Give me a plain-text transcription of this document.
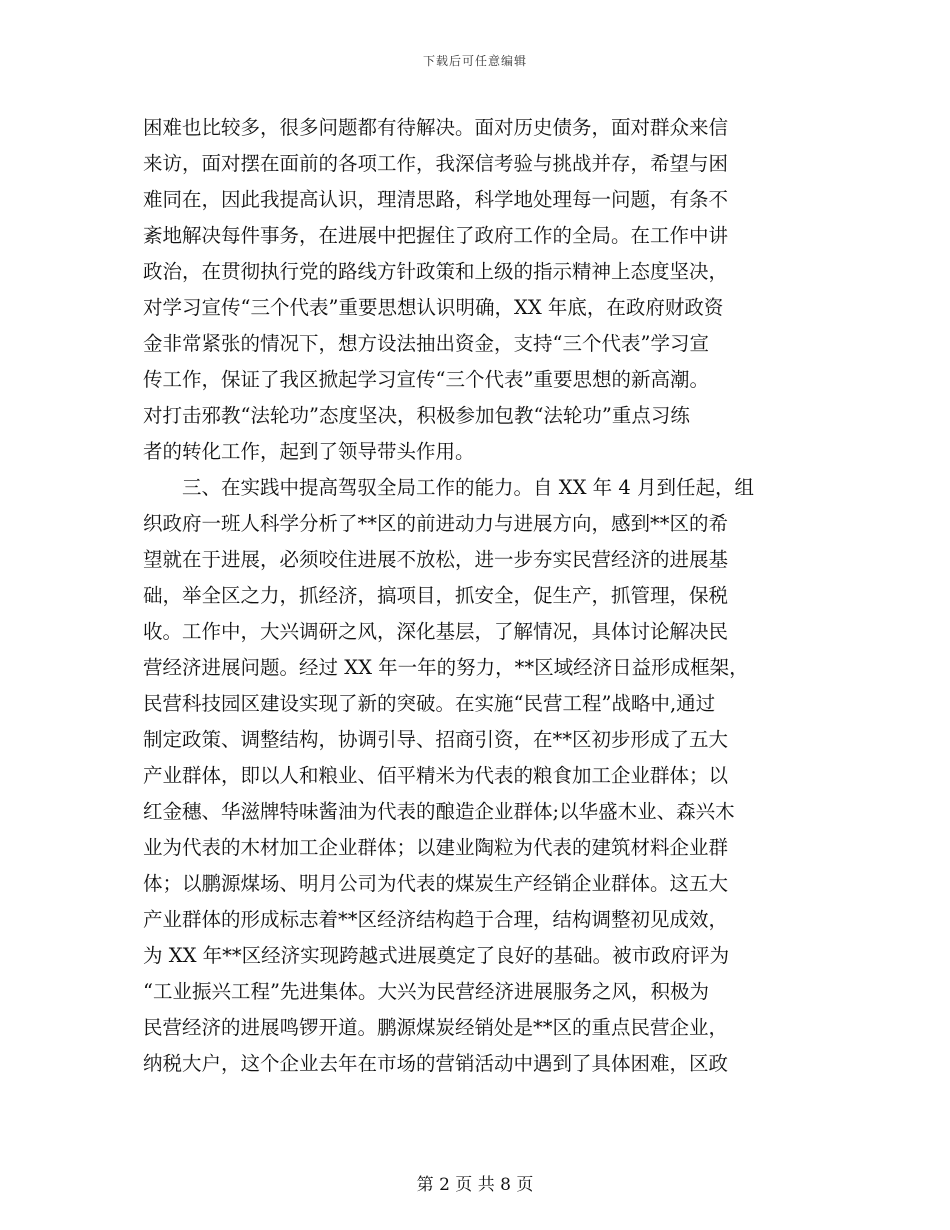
下载后可任意编辑
困难也比较多，很多问题都有待解决。面对历史债务，面对群众来信
来访，面对摆在面前的各项工作，我深信考验与挑战并存，希望与困
难同在，因此我提高认识，理清思路，科学地处理每一问题，有条不
紊地解决每件事务，在进展中把握住了政府工作的全局。在工作中讲
政治，在贯彻执行党的路线方针政策和上级的指示精神上态度坚决，
对学习宣传“三个代表”重要思想认识明确，XX 年底，在政府财政资
金非常紧张的情况下，想方设法抽出资金，支持“三个代表”学习宣
传工作，保证了我区掀起学习宣传“三个代表”重要思想的新高潮。
对打击邪教“法轮功”态度坚决，积极参加包教“法轮功”重点习练
者的转化工作，起到了领导带头作用。
　　三、在实践中提高驾驭全局工作的能力。自 XX 年 4 月到任起，组
织政府一班人科学分析了**区的前进动力与进展方向，感到**区的希
望就在于进展，必须咬住进展不放松，进一步夯实民营经济的进展基
础，举全区之力，抓经济，搞项目，抓安全，促生产，抓管理，保税
收。工作中，大兴调研之风，深化基层，了解情况，具体讨论解决民
营经济进展问题。经过 XX 年一年的努力，**区域经济日益形成框架，
民营科技园区建设实现了新的突破。在实施“民营工程”战略中,通过
制定政策、调整结构，协调引导、招商引资，在**区初步形成了五大
产业群体，即以人和粮业、佰平精米为代表的粮食加工企业群体；以
红金穗、华滋牌特味酱油为代表的酿造企业群体;以华盛木业、森兴木
业为代表的木材加工企业群体；以建业陶粒为代表的建筑材料企业群
体；以鹏源煤场、明月公司为代表的煤炭生产经销企业群体。这五大
产业群体的形成标志着**区经济结构趋于合理，结构调整初见成效，
为 XX 年**区经济实现跨越式进展奠定了良好的基础。被市政府评为
“工业振兴工程”先进集体。大兴为民营经济进展服务之风，积极为
民营经济的进展鸣锣开道。鹏源煤炭经销处是**区的重点民营企业，
纳税大户，这个企业去年在市场的营销活动中遇到了具体困难，区政
第 2 页 共 8 页
